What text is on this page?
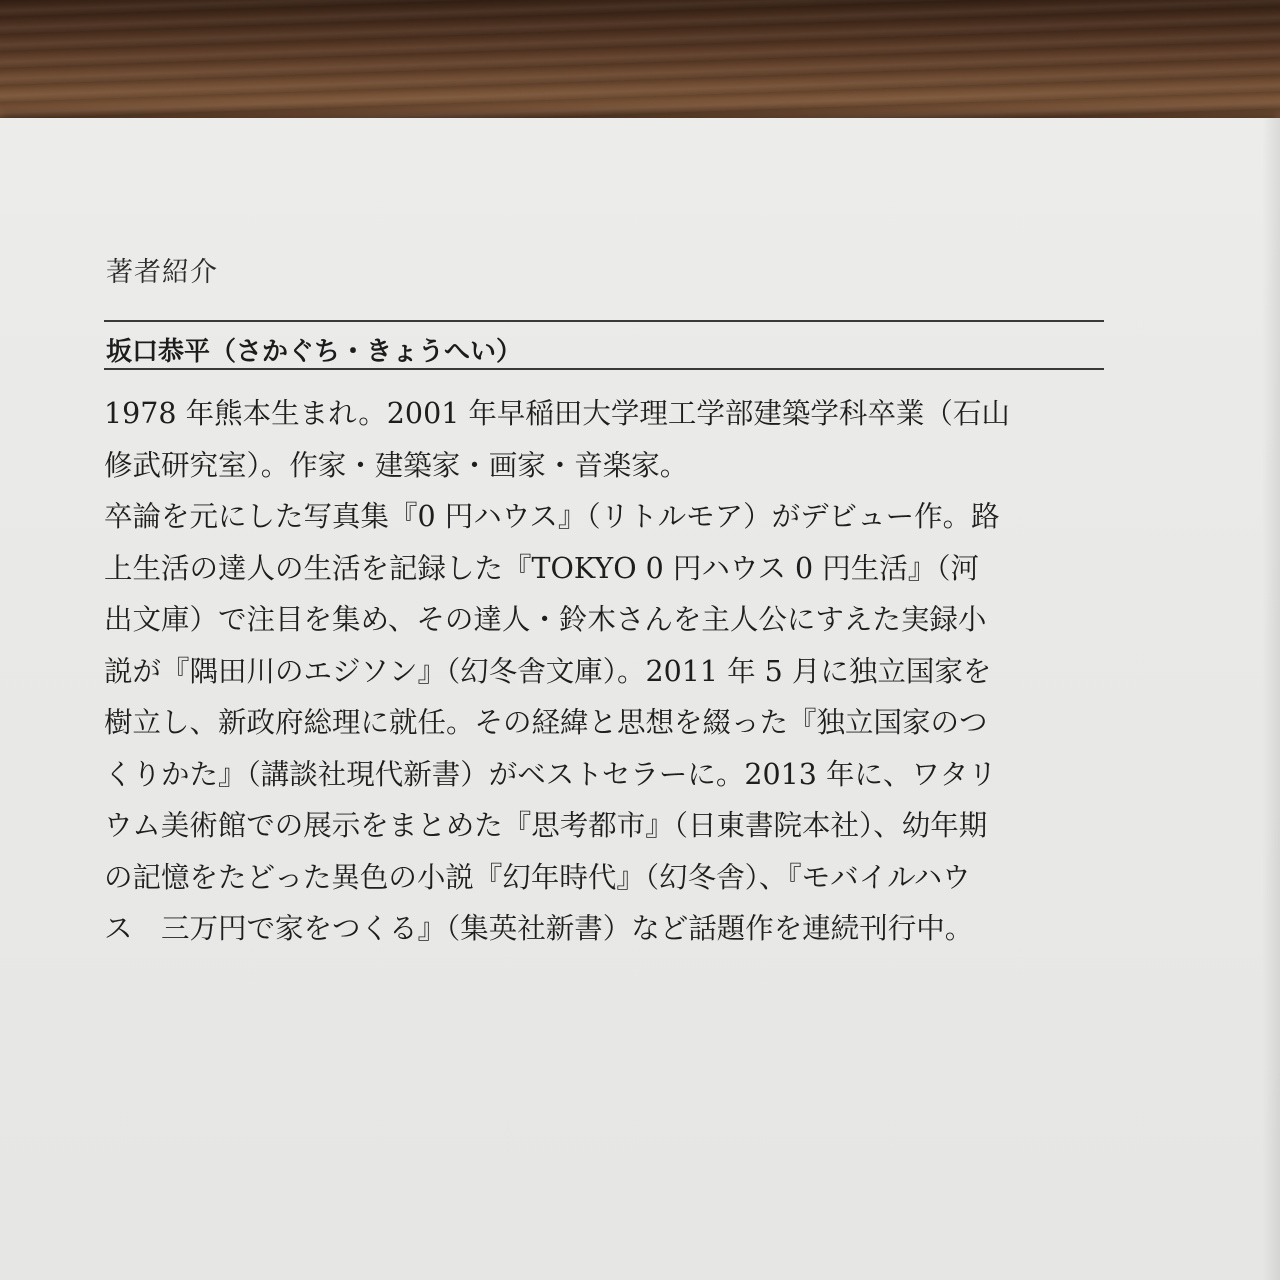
著者紹介
坂口恭平（さかぐち・きょうへい）
1978 年熊本生まれ。2001 年早稲田大学理工学部建築学科卒業（石山
修武研究室）。作家・建築家・画家・音楽家。
卒論を元にした写真集『0 円ハウス』（リトルモア）がデビュー作。路
上生活の達人の生活を記録した『TOKYO 0 円ハウス 0 円生活』（河
出文庫）で注目を集め、その達人・鈴木さんを主人公にすえた実録小
説が『隅田川のエジソン』（幻冬舎文庫）。2011 年 5 月に独立国家を
樹立し、新政府総理に就任。その経緯と思想を綴った『独立国家のつ
くりかた』（講談社現代新書）がベストセラーに。2013 年に、ワタリ
ウム美術館での展示をまとめた『思考都市』（日東書院本社）、幼年期
の記憶をたどった異色の小説『幻年時代』（幻冬舎）、『モバイルハウ
ス　三万円で家をつくる』（集英社新書）など話題作を連続刊行中。
